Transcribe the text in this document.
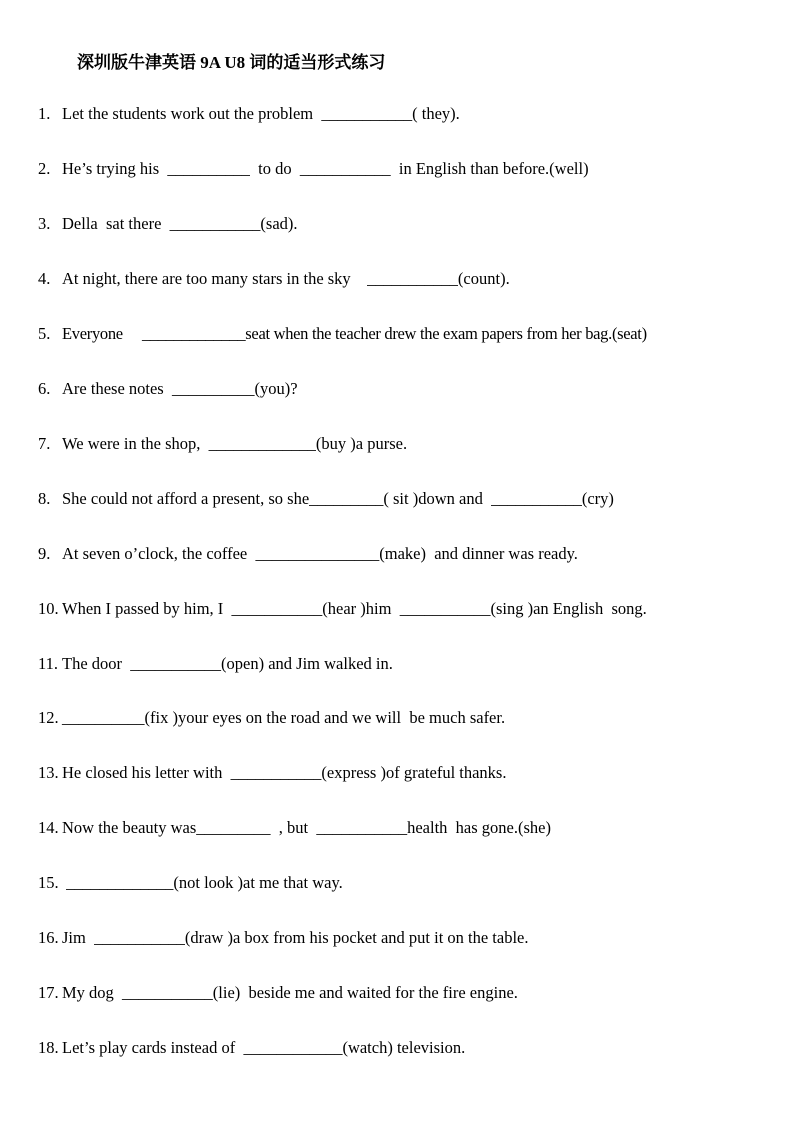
深圳版牛津英语 9A U8 词的适当形式练习
1. Let the students work out the problem  ___________( they).
2. He’s trying his  __________  to do  ___________  in English than before.(well)
3. Della  sat there  ___________(sad).
4. At night, there are too many stars in the sky    ___________(count).
5. Everyone     _____________seat when the teacher drew the exam papers from her bag.(seat)
6. Are these notes  __________(you)?
7. We were in the shop,  _____________(buy )a purse.
8. She could not afford a present, so she_________( sit )down and  ___________(cry)
9. At seven o’clock, the coffee  _______________(make)  and dinner was ready.
10. When I passed by him, I  ___________(hear )him  ___________(sing )an English  song.
11. The door  ___________(open) and Jim walked in.
12. __________(fix )your eyes on the road and we will  be much safer.
13. He closed his letter with  ___________(express )of grateful thanks.
14. Now the beauty was_________  , but  ___________health  has gone.(she)
15. _____________(not look )at me that way.
16. Jim  ___________(draw )a box from his pocket and put it on the table.
17. My dog  ___________(lie)  beside me and waited for the fire engine.
18. Let’s play cards instead of  ____________(watch) television.
